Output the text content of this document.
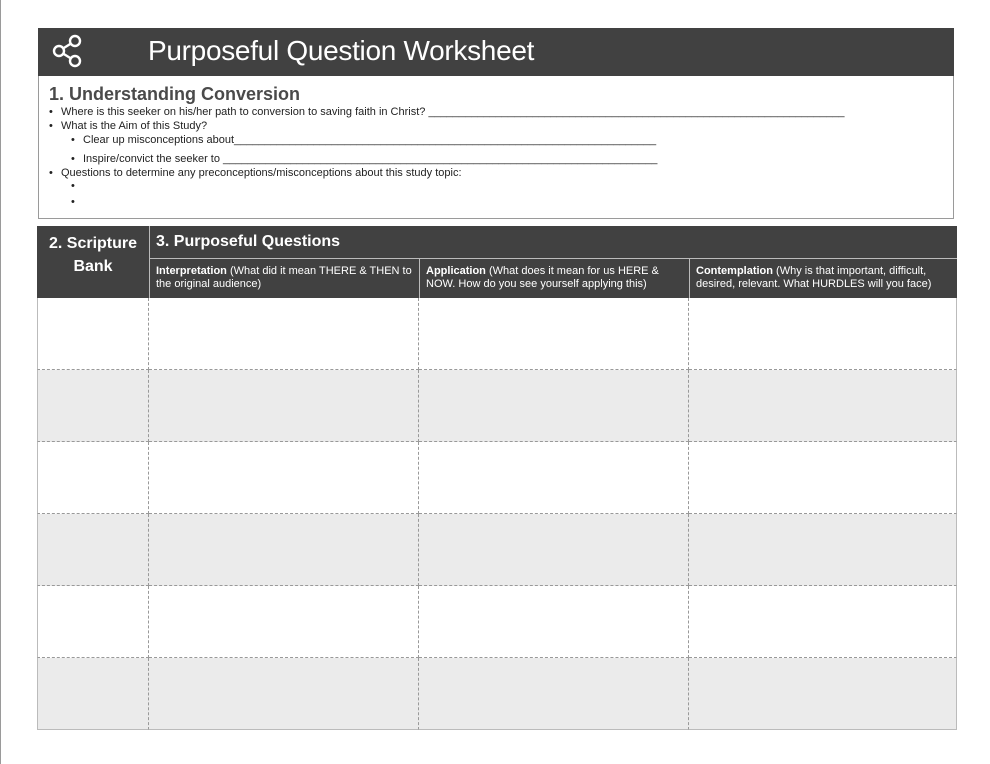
Purposeful Question Worksheet
1. Understanding Conversion
• Where is this seeker on his/her path to conversion to saving faith in Christ? ____________________________________________________________________
• What is the Aim of this Study?
• Clear up misconceptions about_____________________________________________________________________
• Inspire/convict the seeker to _______________________________________________________________________
• Questions to determine any preconceptions/misconceptions about this study topic:
•
•
2. Scripture
Bank
3. Purposeful Questions
Interpretation (What did it mean THERE & THEN to the original audience)
Application (What does it mean for us HERE & NOW. How do you see yourself applying this)
Contemplation (Why is that important, difficult, desired, relevant. What HURDLES will you face)
